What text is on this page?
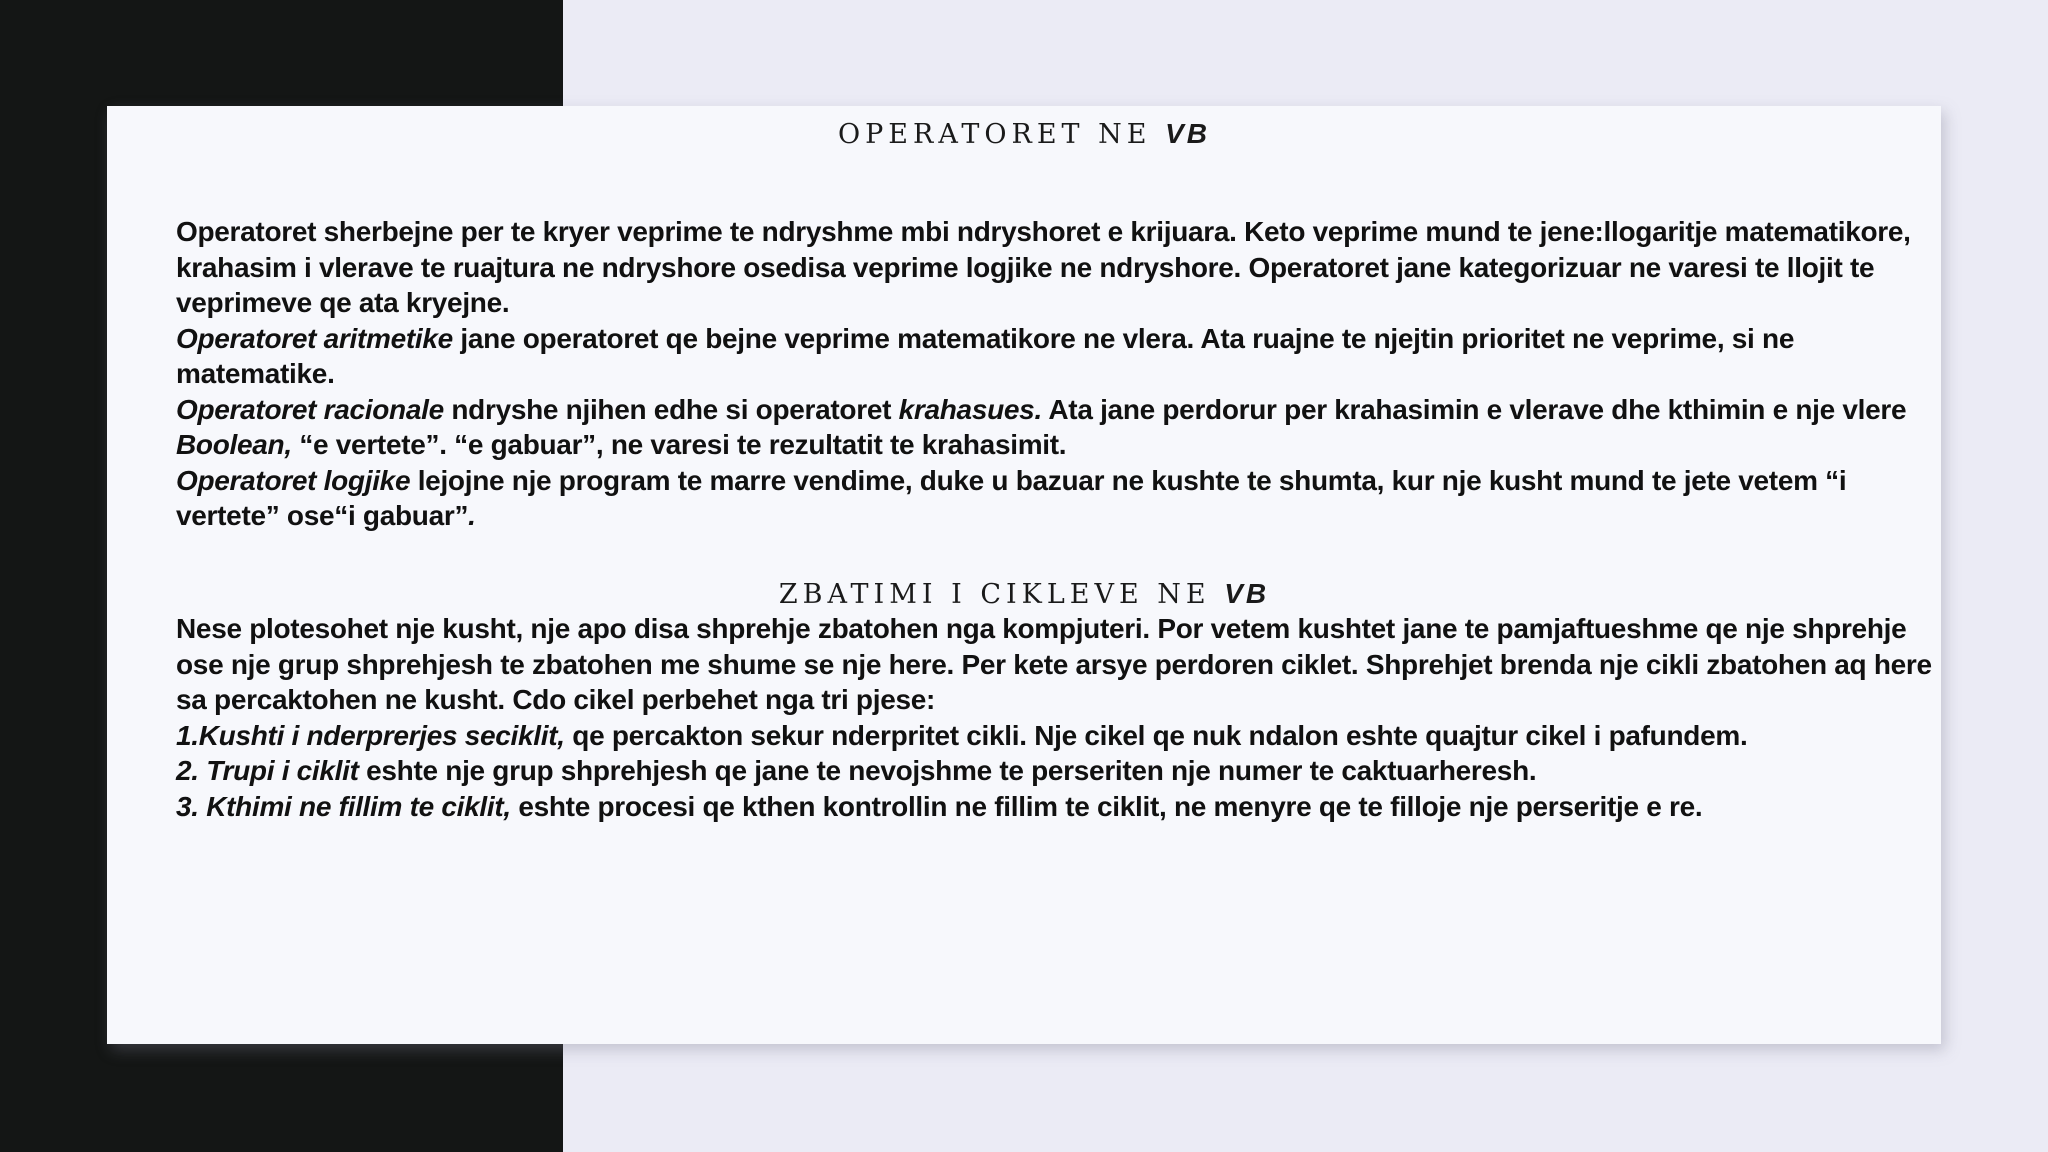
OPERATORET NE VB

Operatoret sherbejne per te kryer veprime te ndryshme mbi ndryshoret e krijuara. Keto veprime mund te jene:llogaritje matematikore, krahasim i vlerave te ruajtura ne ndryshore osedisa veprime logjike ne ndryshore. Operatoret jane kategorizuar ne varesi te llojit te veprimeve qe ata kryejne.

Operatoret aritmetike jane operatoret qe bejne veprime matematikore ne vlera. Ata ruajne te njejtin prioritet ne veprime, si ne matematike.

Operatoret racionale ndryshe njihen edhe si operatoret krahasues. Ata jane perdorur per krahasimin e vlerave dhe kthimin e nje vlere Boolean, “e vertete”. “e gabuar”, ne varesi te rezultatit te krahasimit.

Operatoret logjike lejojne nje program te marre vendime, duke u bazuar ne kushte te shumta, kur nje kusht mund te jete vetem “i vertete” ose“i gabuar”.

ZBATIMI I CIKLEVE NE VB

Nese plotesohet nje kusht, nje apo disa shprehje zbatohen nga kompjuteri. Por vetem kushtet jane te pamjaftueshme qe nje shprehje ose nje grup shprehjesh te zbatohen me shume se nje here. Per kete arsye perdoren ciklet. Shprehjet brenda nje cikli zbatohen aq here sa percaktohen ne kusht. Cdo cikel perbehet nga tri pjese:

1.Kushti i nderprerjes seciklit, qe percakton sekur nderpritet cikli. Nje cikel qe nuk ndalon eshte quajtur cikel i pafundem.

2. Trupi i ciklit eshte nje grup shprehjesh qe jane te nevojshme te perseriten nje numer te caktuarheresh.

3. Kthimi ne fillim te ciklit, eshte procesi qe kthen kontrollin ne fillim te ciklit, ne menyre qe te filloje nje perseritje e re.
